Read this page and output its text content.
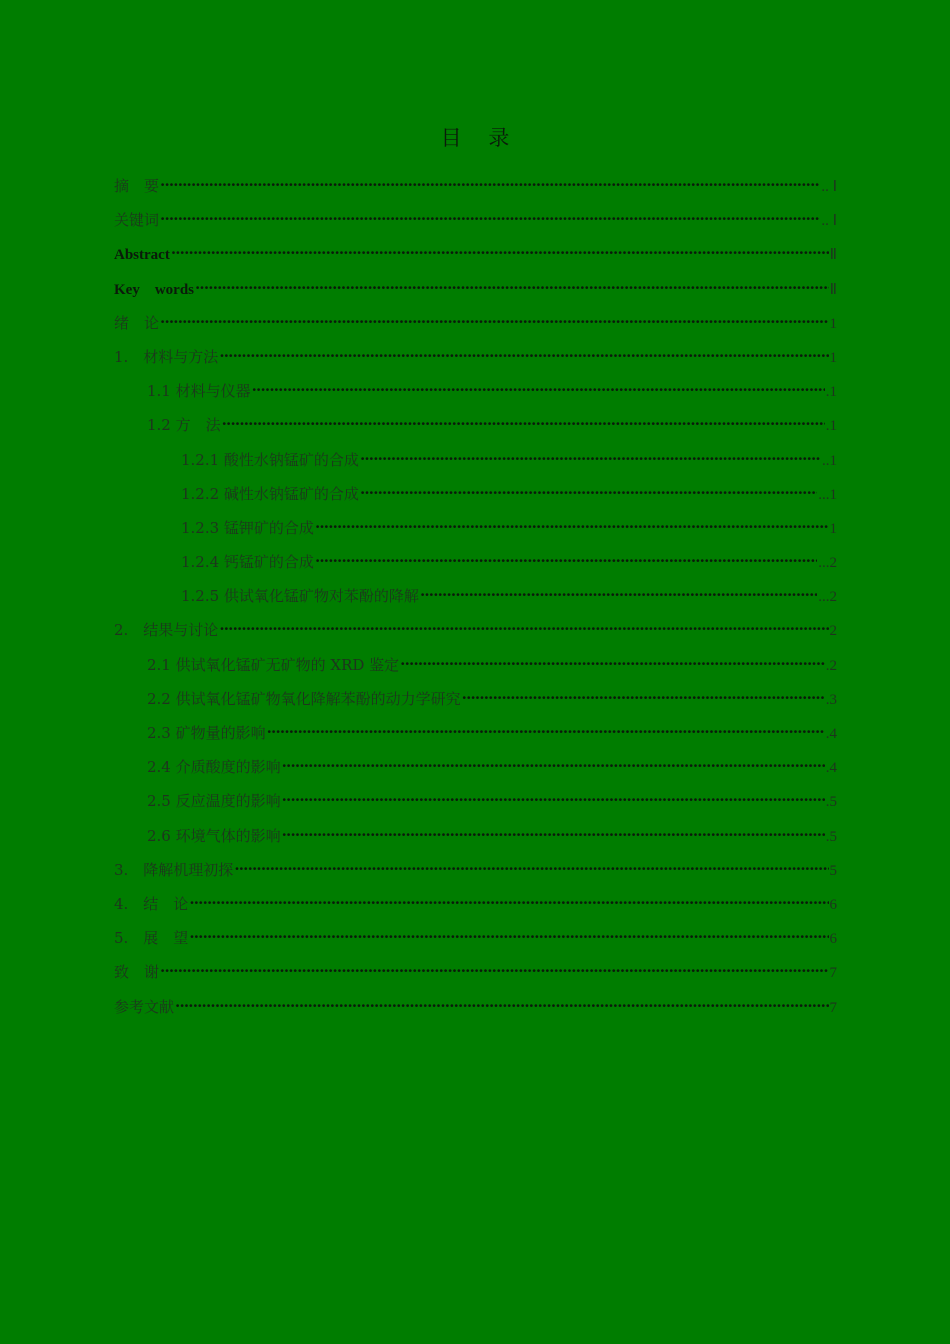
目 录
摘　要 ·····	.. Ⅰ
关键词 ·····	.. Ⅰ
Abstract ·····	Ⅱ
Key　words ·····	Ⅱ
绪　论 ·····	1
1.　材料与方法 ·····	1
1.1 材料与仪器 ·····	.1
1.2 方　法 ·····	.1
1.2.1 酸性水钠锰矿的合成 ·····	..1
1.2.2 碱性水钠锰矿的合成 ·····	...1
1.2.3 锰钾矿的合成 ·····	1
1.2.4 钙锰矿的合成 ·····	...2
1.2.5 供试氧化锰矿物对苯酚的降解 ·····	...2
2.　结果与讨论 ·····	2
2.1 供试氧化锰矿无矿物的 XRD 鉴定 ·····	.2
2.2 供试氧化锰矿物氧化降解苯酚的动力学研究 ·····	.3
2.3 矿物量的影响 ·····	.4
2.4 介质酸度的影响 ·····	.4
2.5 反应温度的影响 ·····	.5
2.6 环境气体的影响 ·····	.5
3.　降解机理初探 ·····	5
4.　结　论 ·····	6
5.　展　望 ·····	6
致　谢 ·····	7
参考文献 ·····	7
